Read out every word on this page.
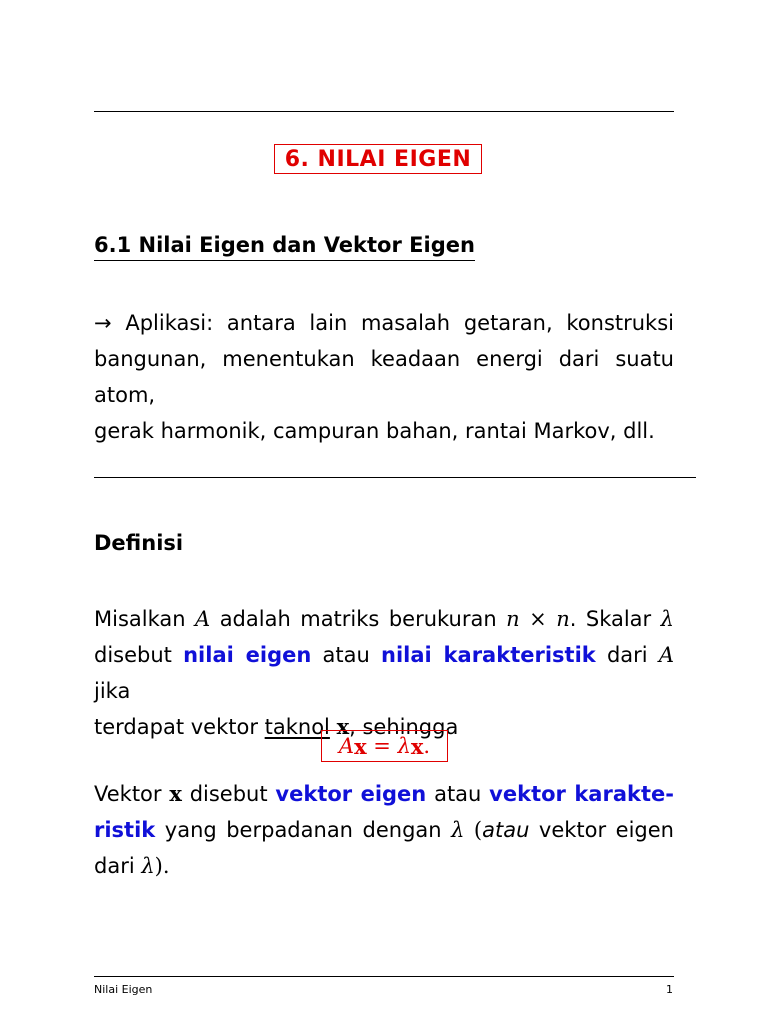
6. NILAI EIGEN
6.1 Nilai Eigen dan Vektor Eigen
→ Aplikasi: antara lain masalah getaran, konstruksi
bangunan, menentukan keadaan energi dari suatu atom,
gerak harmonik, campuran bahan, rantai Markov, dll.
Definisi
Misalkan A adalah matriks berukuran n × n. Skalar λ
disebut nilai eigen atau nilai karakteristik dari A jika
terdapat vektor taknol x, sehingga
A x = λ x .
Vektor x disebut vektor eigen atau vektor karakte-
ristik yang berpadanan dengan λ (atau vektor eigen
dari λ).
Nilai Eigen	1
